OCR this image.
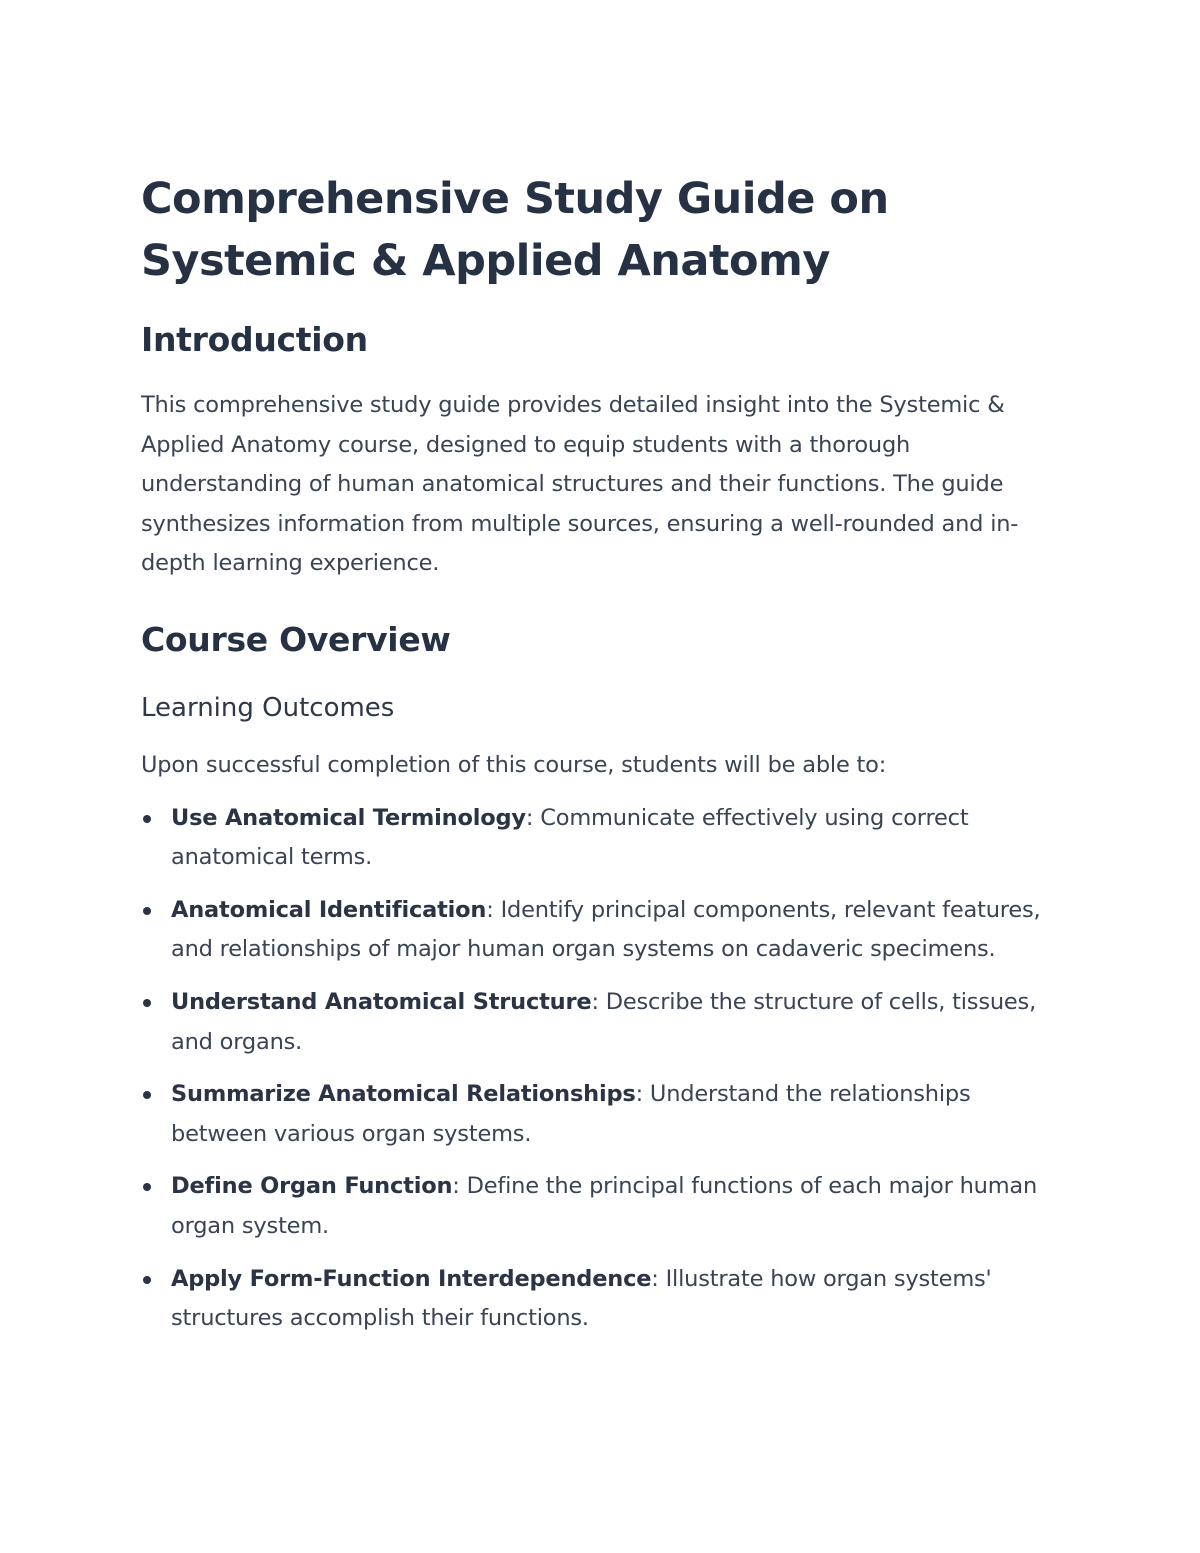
Comprehensive Study Guide on
Systemic & Applied Anatomy
Introduction

This comprehensive study guide provides detailed insight into the Systemic & Applied Anatomy course, designed to equip students with a thorough understanding of human anatomical structures and their functions. The guide synthesizes information from multiple sources, ensuring a well-rounded and in-depth learning experience.

Course Overview
Learning Outcomes

Upon successful completion of this course, students will be able to:

Use Anatomical Terminology: Communicate effectively using correct anatomical terms.
Anatomical Identification: Identify principal components, relevant features, and relationships of major human organ systems on cadaveric specimens.
Understand Anatomical Structure: Describe the structure of cells, tissues, and organs.
Summarize Anatomical Relationships: Understand the relationships between various organ systems.
Define Organ Function: Define the principal functions of each major human organ system.
Apply Form-Function Interdependence: Illustrate how organ systems' structures accomplish their functions.
